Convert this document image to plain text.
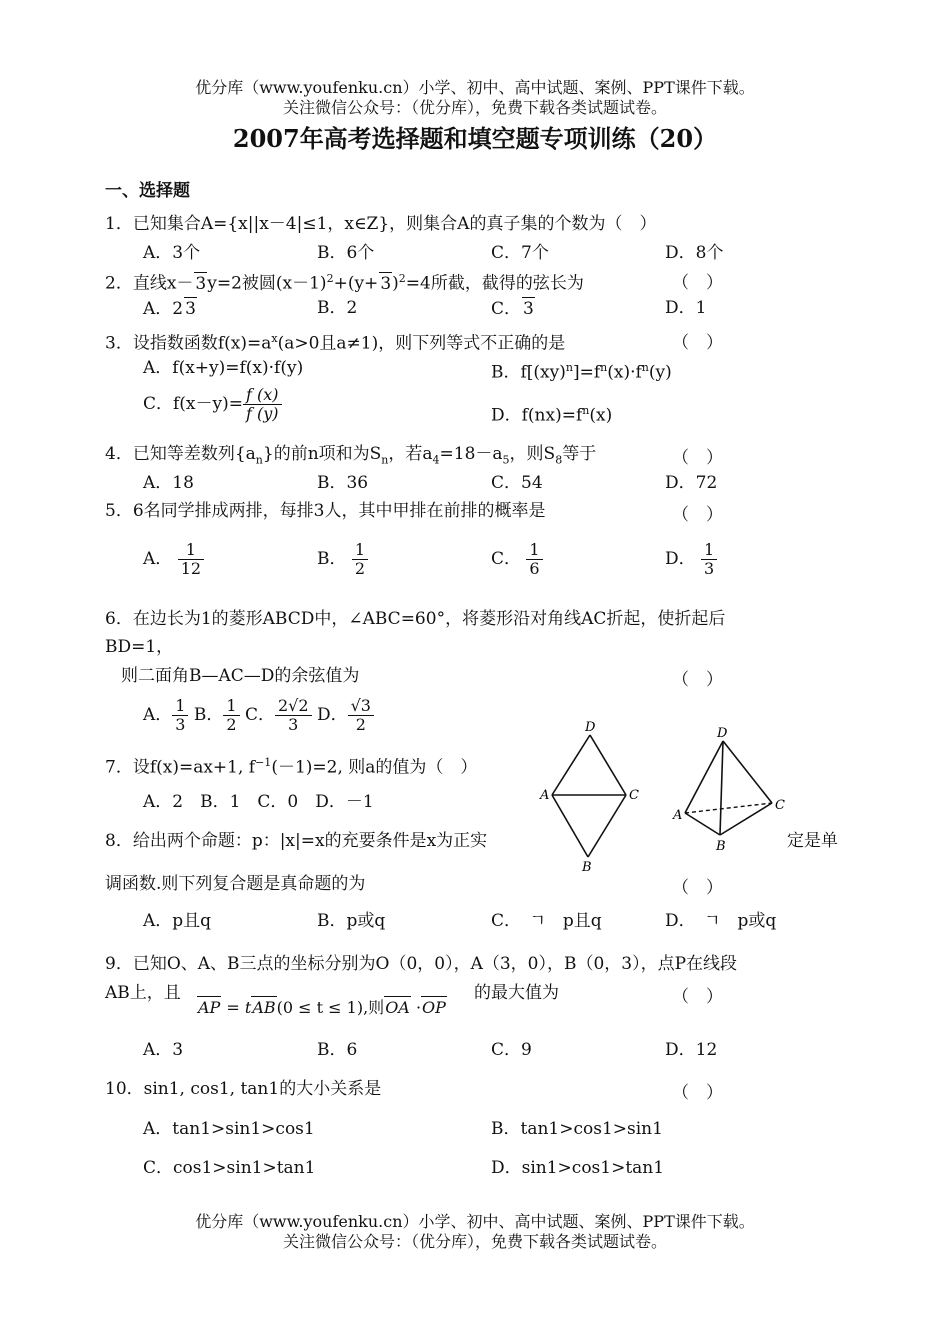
优分库（www.youfenku.cn）小学、初中、高中试题、案例、PPT课件下载。
关注微信公众号：（优分库），免费下载各类试题试卷。
2007年高考选择题和填空题专项训练（20）
一、选择题
1．已知集合A={x||x－4|≤1，x∈Z}，则集合A的真子集的个数为（　）
A．3个	B．6个	C．7个	D．8个
2．直线x－ 3y=2被圆$(x-1)^2+(y+ 3)^2=4$所截，截得的弦长为	（　）
A．2 3	B．2	C． 3	D．1
3．设指数函数$f(x)=a^x(a>0$且a≠1)，则下列等式不正确的是	（　）
A．f(x+y)=f(x)·f(y)	B．$f[(xy)^n]=f^n(x)\cdot f^n(y)$
C．$f(x-y)= \frac{f (x)}{f (y)}$	D．$f(nx)=f^n(x)$
4．已知等差数列$\{a_n\}$的前n项和为$S_n$，若$a_4=18-a_5$，则$S_8$等于	（　）
A．18	B．36	C．54	D．72
5．6名同学排成两排，每排3人，其中甲排在前排的概率是	（　）
A． $\frac{1}{12}$	B． $\frac{1}{2}$	C． $\frac{1}{6}$	D． $\frac{1}{3}$
6．在边长为1的菱形ABCD中，∠ABC=60°，将菱形沿对角线AC折起，使折起后
BD=1，
则二面角B—AC—D的余弦值为	（　）
A． $\frac{1}{3}$ B． $\frac{1}{2}$ C． $\frac{2√2}{3}$ D． $\frac{√3}{2}$
7．设f(x)=ax+1, $f^{-1}(-1)=2$, 则a的值为（　）
A．2　B．1　C．0　D．－1
8．给出两个命题：p：|x|=x的充要条件是x为正实	定是单
调函数.则下列复合题是真命题的为	（　）
A．p且q	B．p或q	C．　ㄱ　p且q	D．　ㄱ　p或q
D
A	C
B
D
A
C
B
9．已知O、A、B三点的坐标分别为O（0，0），A（3，0），B（0，3），点P在线段
AB上，且
AP = tAB(0 ≤ t ≤ 1),则OA ·OP
的最大值为	（　）
A．3	B．6	C．9	D．12
10．sin1, cos1, tan1的大小关系是	（　）
A．tan1>sin1>cos1	B．tan1>cos1>sin1
C．cos1>sin1>tan1	D．sin1>cos1>tan1
优分库（www.youfenku.cn）小学、初中、高中试题、案例、PPT课件下载。
关注微信公众号：（优分库），免费下载各类试题试卷。
